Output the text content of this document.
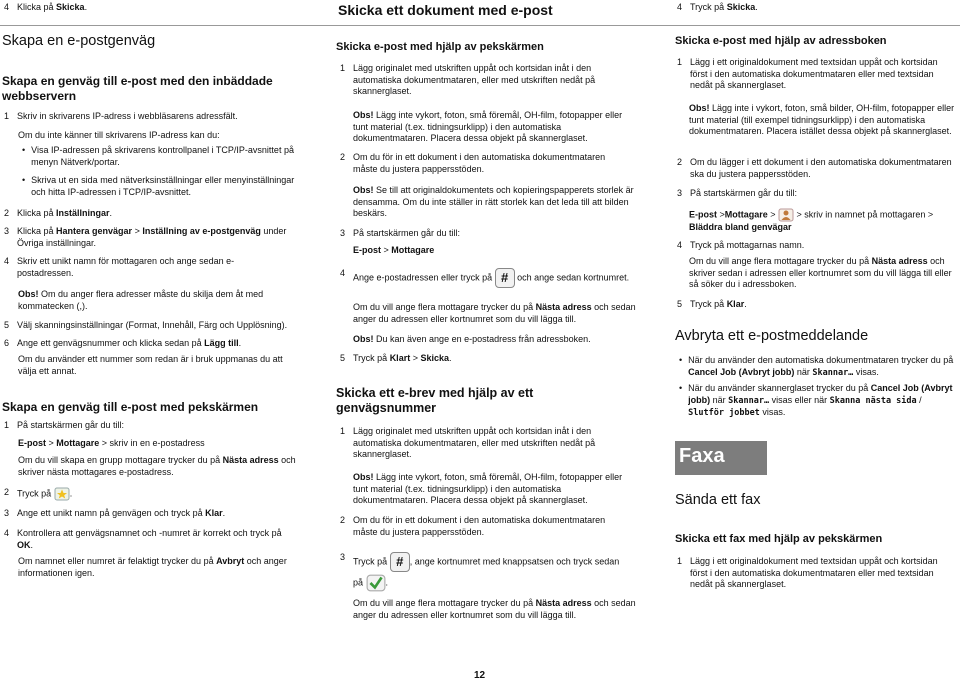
4 Klicka på Skicka.
Skapa en e-postgenväg
Skapa en genväg till e-post med den inbäddade webbservern
1 Skriv in skrivarens IP-adress i webbläsarens adressfält.
Om du inte känner till skrivarens IP-adress kan du:
• Visa IP-adressen på skrivarens kontrollpanel i TCP/IP-avsnittet på menyn Nätverk/portar.
• Skriva ut en sida med nätverksinställningar eller menyinställningar och hitta IP-adressen i TCP/IP-avsnittet.
2 Klicka på Inställningar.
3 Klicka på Hantera genvägar > Inställning av e-postgenväg under Övriga inställningar.
4 Skriv ett unikt namn för mottagaren och ange sedan e-postadressen.
Obs! Om du anger flera adresser måste du skilja dem åt med kommatecken (,).
5 Välj skanningsinställningar (Format, Innehåll, Färg och Upplösning).
6 Ange ett genvägsnummer och klicka sedan på Lägg till.
Om du använder ett nummer som redan är i bruk uppmanas du att välja ett annat.
Skapa en genväg till e-post med pekskärmen
1 På startskärmen går du till:
E-post > Mottagare > skriv in en e-postadress
Om du vill skapa en grupp mottagare trycker du på Nästa adress och skriver nästa mottagares e-postadress.
2 Tryck på .
3 Ange ett unikt namn på genvägen och tryck på Klar.
4 Kontrollera att genvägsnamnet och -numret är korrekt och tryck på OK.
Om namnet eller numret är felaktigt trycker du på Avbryt och anger informationen igen.
Skicka ett dokument med e-post
Skicka e-post med hjälp av pekskärmen
1 Lägg originalet med utskriften uppåt och kortsidan inåt i den automatiska dokumentmataren, eller med utskriften nedåt på skannerglaset.
Obs! Lägg inte vykort, foton, små föremål, OH-film, fotopapper eller tunt material (t.ex. tidningsurklipp) i den automatiska dokumentmataren. Placera dessa objekt på skannerglaset.
2 Om du för in ett dokument i den automatiska dokumentmataren måste du justera pappersstöden.
Obs! Se till att originaldokumentets och kopieringspapperets storlek är densamma. Om du inte ställer in rätt storlek kan det leda till att bilden beskärs.
3 På startskärmen går du till:
E-post > Mottagare
4 Ange e-postadressen eller tryck på # och ange sedan kortnumret.
Om du vill ange flera mottagare trycker du på Nästa adress och sedan anger du adressen eller kortnumret som du vill lägga till.
Obs! Du kan även ange en e-postadress från adressboken.
5 Tryck på Klart > Skicka.
Skicka ett e-brev med hjälp av ett genvägsnummer
1 Lägg originalet med utskriften uppåt och kortsidan inåt i den automatiska dokumentmataren, eller med utskriften nedåt på skannerglaset.
Obs! Lägg inte vykort, foton, små föremål, OH-film, fotopapper eller tunt material (t.ex. tidningsurklipp) i den automatiska dokumentmataren. Placera dessa objekt på skannerglaset.
2 Om du för in ett dokument i den automatiska dokumentmataren måste du justera pappersstöden.
3 Tryck på # , ange kortnumret med knappsatsen och tryck sedan
på .
Om du vill ange flera mottagare trycker du på Nästa adress och sedan anger du adressen eller kortnumret som du vill lägga till.
4 Tryck på Skicka.
Skicka e-post med hjälp av adressboken
1 Lägg i ett originaldokument med textsidan uppåt och kortsidan först i den automatiska dokumentmataren eller med textsidan nedåt på skannerglaset.
Obs! Lägg inte i vykort, foton, små bilder, OH-film, fotopapper eller tunt material (till exempel tidningsurklipp) i den automatiska dokumentmataren. Placera istället dessa objekt på skannerglaset.
2 Om du lägger i ett dokument i den automatiska dokumentmataren ska du justera pappersstöden.
3 På startskärmen går du till:
E-post >Mottagare >  > skriv in namnet på mottagaren > Bläddra bland genvägar
4 Tryck på mottagarnas namn.
Om du vill ange flera mottagare trycker du på Nästa adress och skriver sedan i adressen eller kortnumret som du vill lägga till eller så söker du i adressboken.
5 Tryck på Klar.
Avbryta ett e-postmeddelande
• När du använder den automatiska dokumentmataren trycker du på Cancel Job (Avbryt jobb) när Skannar… visas.
• När du använder skannerglaset trycker du på Cancel Job (Avbryt jobb) när Skannar… visas eller när Skanna nästa sida / Slutför jobbet visas.
Faxa
Sända ett fax
Skicka ett fax med hjälp av pekskärmen
1 Lägg i ett originaldokument med textsidan uppåt och kortsidan först i den automatiska dokumentmataren eller med textsidan nedåt på skannerglaset.
12
